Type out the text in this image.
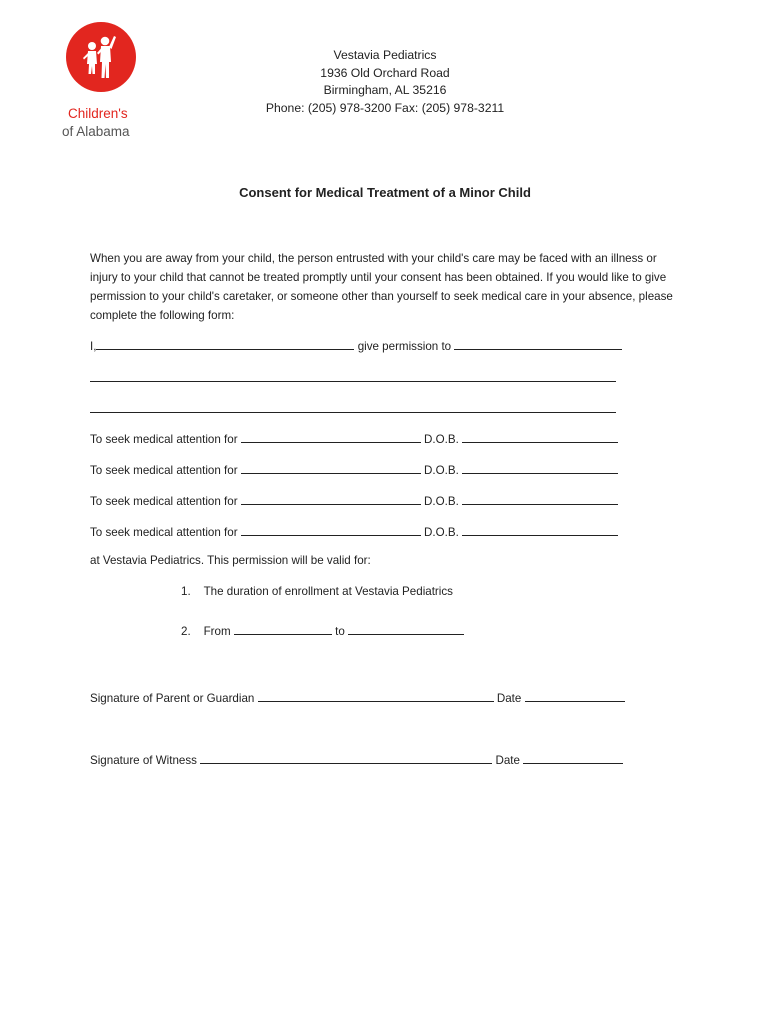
Children's
of Alabama
Vestavia Pediatrics
1936 Old Orchard Road
Birmingham, AL 35216
Phone: (205) 978-3200 Fax: (205) 978-3211
Consent for Medical Treatment of a Minor Child
When you are away from your child, the person entrusted with your child's care may be faced with an illness or injury to your child that cannot be treated promptly until your consent has been obtained. If you would like to give permission to your child's caretaker, or someone other than yourself to seek medical care in your absence, please complete the following form:
I,	give permission to
To seek medical attention for	D.O.B.
To seek medical attention for	D.O.B.
To seek medical attention for	D.O.B.
To seek medical attention for	D.O.B.
at Vestavia Pediatrics. This permission will be valid for:
1. The duration of enrollment at Vestavia Pediatrics
2. From	to
Signature of Parent or Guardian	Date
Signature of Witness	Date
